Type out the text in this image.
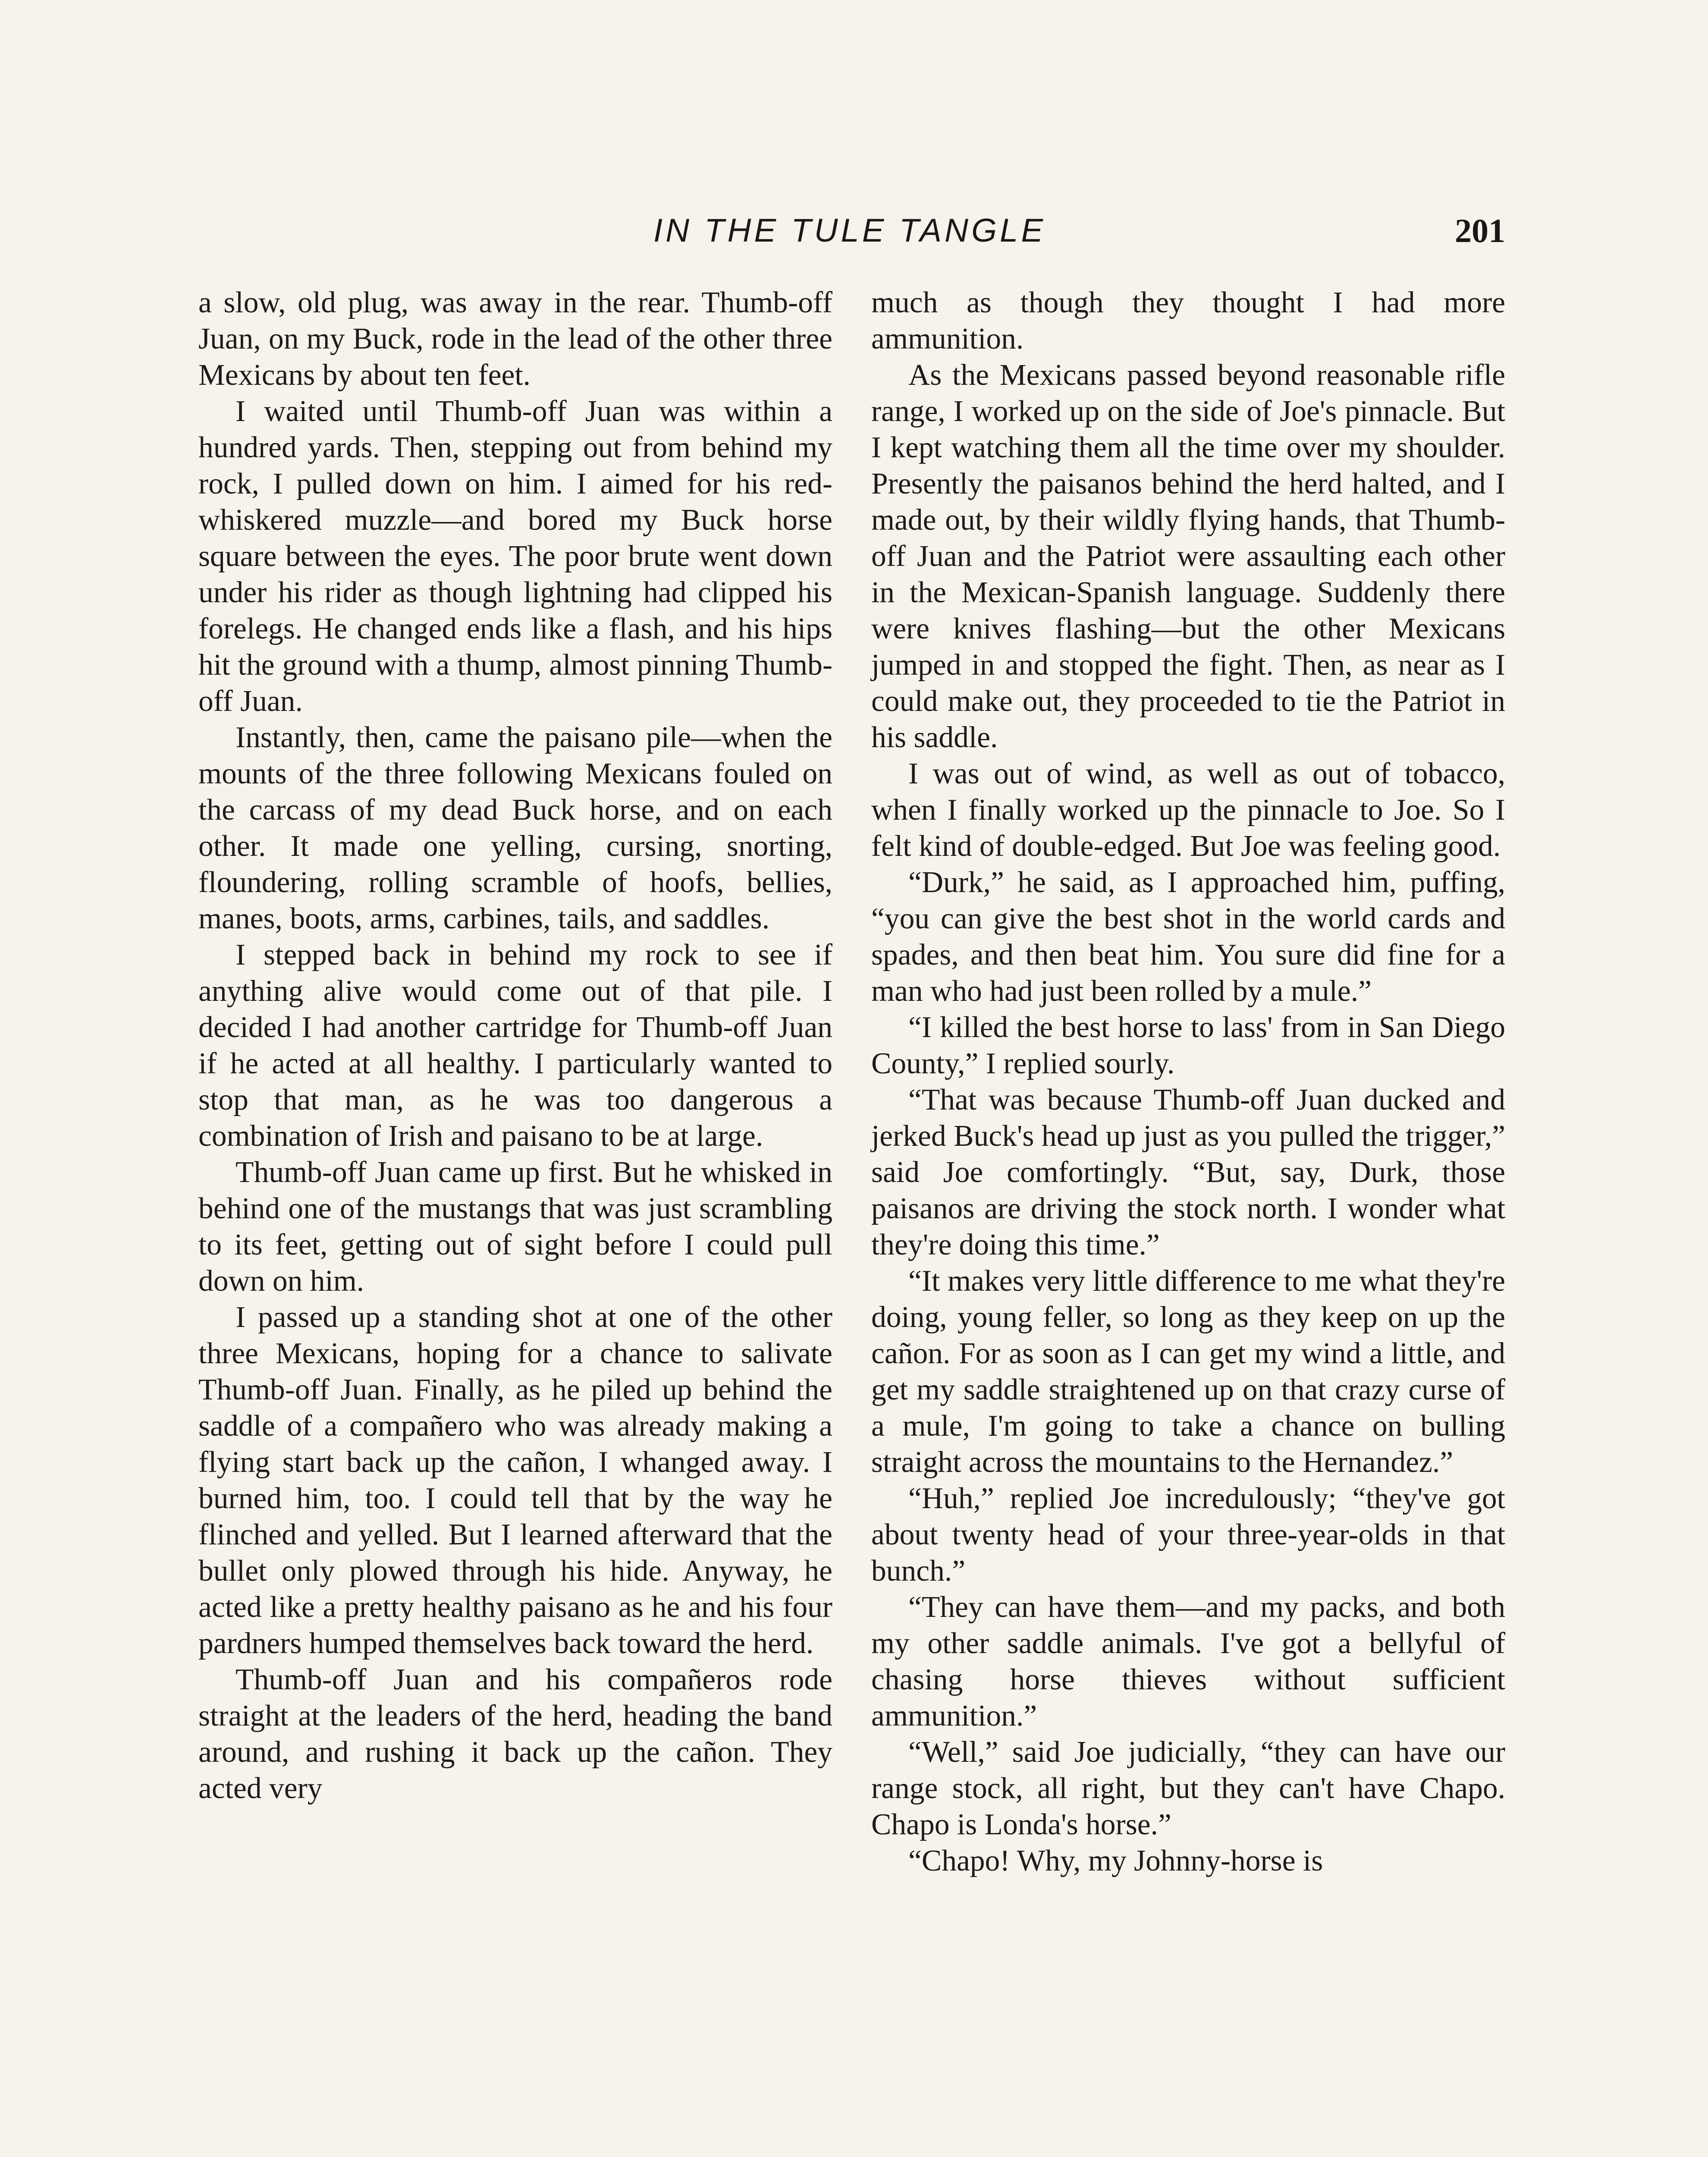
IN THE TULE TANGLE	201

a slow, old plug, was away in the rear. Thumb-off Juan, on my Buck, rode in the lead of the other three Mexicans by about ten feet.

I waited until Thumb-off Juan was within a hundred yards. Then, stepping out from behind my rock, I pulled down on him. I aimed for his red-whiskered muzzle—and bored my Buck horse square between the eyes. The poor brute went down under his rider as though lightning had clipped his forelegs. He changed ends like a flash, and his hips hit the ground with a thump, almost pinning Thumb-off Juan.

Instantly, then, came the paisano pile—when the mounts of the three following Mexicans fouled on the carcass of my dead Buck horse, and on each other. It made one yelling, cursing, snorting, floundering, rolling scramble of hoofs, bellies, manes, boots, arms, carbines, tails, and saddles.

I stepped back in behind my rock to see if anything alive would come out of that pile. I decided I had another cartridge for Thumb-off Juan if he acted at all healthy. I particularly wanted to stop that man, as he was too dangerous a combination of Irish and paisano to be at large.

Thumb-off Juan came up first. But he whisked in behind one of the mustangs that was just scrambling to its feet, getting out of sight before I could pull down on him.

I passed up a standing shot at one of the other three Mexicans, hoping for a chance to salivate Thumb-off Juan. Finally, as he piled up behind the saddle of a compañero who was already making a flying start back up the cañon, I whanged away. I burned him, too. I could tell that by the way he flinched and yelled. But I learned afterward that the bullet only plowed through his hide. Anyway, he acted like a pretty healthy paisano as he and his four pardners humped themselves back toward the herd.

Thumb-off Juan and his compañeros rode straight at the leaders of the herd, heading the band around, and rushing it back up the cañon. They acted very

much as though they thought I had more ammunition.

As the Mexicans passed beyond reasonable rifle range, I worked up on the side of Joe's pinnacle. But I kept watching them all the time over my shoulder. Presently the paisanos behind the herd halted, and I made out, by their wildly flying hands, that Thumb-off Juan and the Patriot were assaulting each other in the Mexican-Spanish language. Suddenly there were knives flashing—but the other Mexicans jumped in and stopped the fight. Then, as near as I could make out, they proceeded to tie the Patriot in his saddle.

I was out of wind, as well as out of tobacco, when I finally worked up the pinnacle to Joe. So I felt kind of double-edged. But Joe was feeling good.

“Durk,” he said, as I approached him, puffing, “you can give the best shot in the world cards and spades, and then beat him. You sure did fine for a man who had just been rolled by a mule.”

“I killed the best horse to lass' from in San Diego County,” I replied sourly.

“That was because Thumb-off Juan ducked and jerked Buck's head up just as you pulled the trigger,” said Joe comfortingly. “But, say, Durk, those paisanos are driving the stock north. I wonder what they're doing this time.”

“It makes very little difference to me what they're doing, young feller, so long as they keep on up the cañon. For as soon as I can get my wind a little, and get my saddle straightened up on that crazy curse of a mule, I'm going to take a chance on bulling straight across the mountains to the Hernandez.”

“Huh,” replied Joe incredulously; “they've got about twenty head of your three-year-olds in that bunch.”

“They can have them—and my packs, and both my other saddle animals. I've got a bellyful of chasing horse thieves without sufficient ammunition.”

“Well,” said Joe judicially, “they can have our range stock, all right, but they can't have Chapo. Chapo is Londa's horse.”

“Chapo! Why, my Johnny-horse is
